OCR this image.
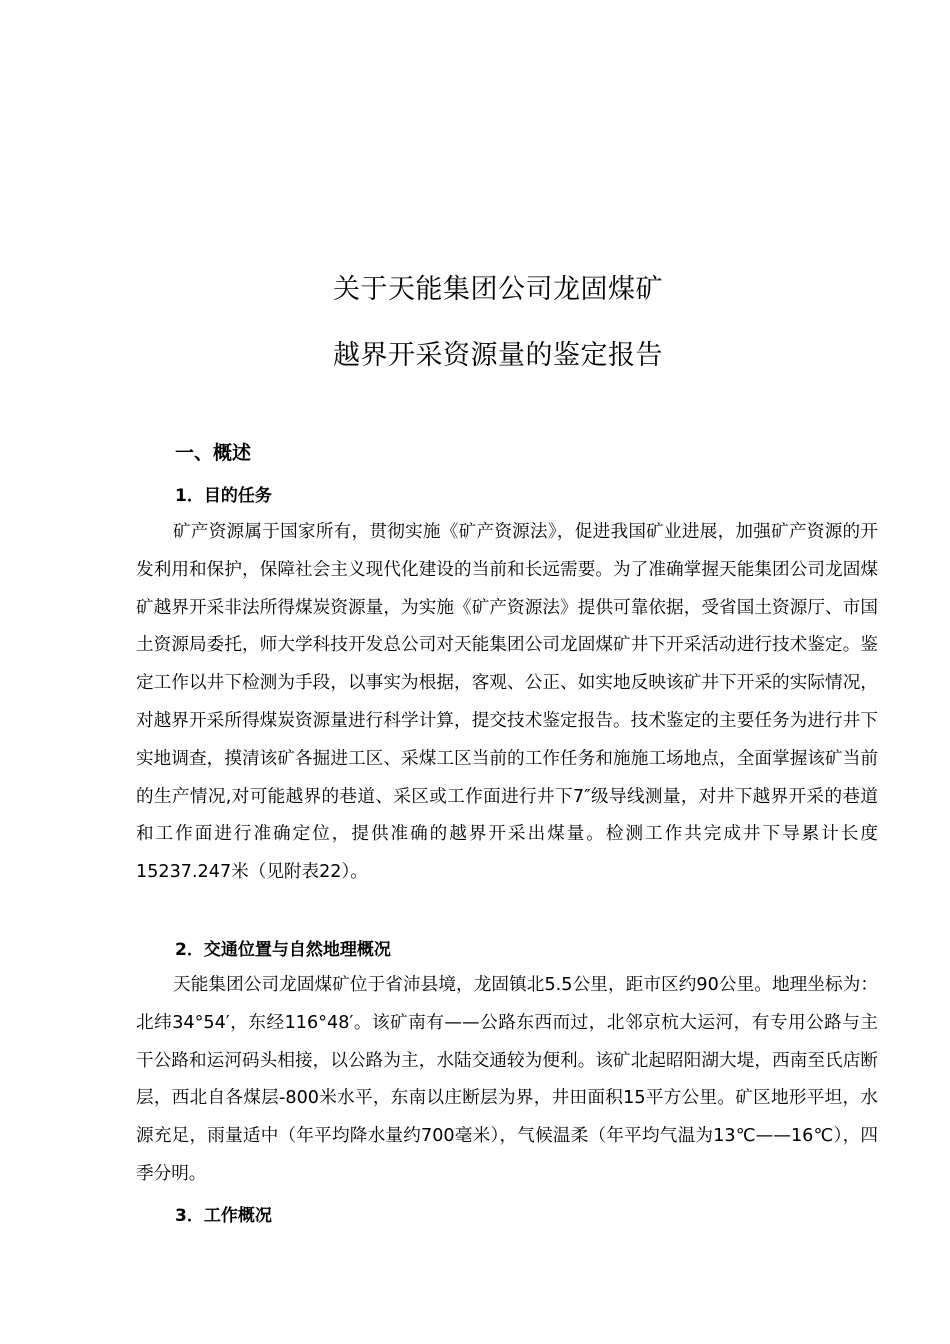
关于天能集团公司龙固煤矿
越界开采资源量的鉴定报告
一、概述
1．目的任务

矿产资源属于国家所有，贯彻实施《矿产资源法》，促进我国矿业进展，加强矿产资源的开发利用和保护，保障社会主义现代化建设的当前和长远需要。为了准确掌握天能集团公司龙固煤矿越界开采非法所得煤炭资源量，为实施《矿产资源法》提供可靠依据，受省国土资源厅、市国土资源局委托，师大学科技开发总公司对天能集团公司龙固煤矿井下开采活动进行技术鉴定。鉴定工作以井下检测为手段，以事实为根据，客观、公正、如实地反映该矿井下开采的实际情况，对越界开采所得煤炭资源量进行科学计算，提交技术鉴定报告。技术鉴定的主要任务为进行井下实地调查，摸清该矿各掘进工区、采煤工区当前的工作任务和施施工场地点，全面掌握该矿当前的生产情况,对可能越界的巷道、采区或工作面进行井下7″级导线测量，对井下越界开采的巷道和工作面进行准确定位，提供准确的越界开采出煤量。检测工作共完成井下导累计长度 15237.247米（见附表22）。

2．交通位置与自然地理概况

天能集团公司龙固煤矿位于省沛县境，龙固镇北5.5公里，距市区约90公里。地理坐标为：北纬34°54′，东经116°48′。该矿南有——公路东西而过，北邻京杭大运河，有专用公路与主干公路和运河码头相接，以公路为主，水陆交通较为便利。该矿北起昭阳湖大堤，西南至氏店断层，西北自各煤层-800米水平，东南以庄断层为界，井田面积15平方公里。矿区地形平坦，水源充足，雨量适中（年平均降水量约700毫米），气候温柔（年平均气温为13℃——16℃），四季分明。

3．工作概况
